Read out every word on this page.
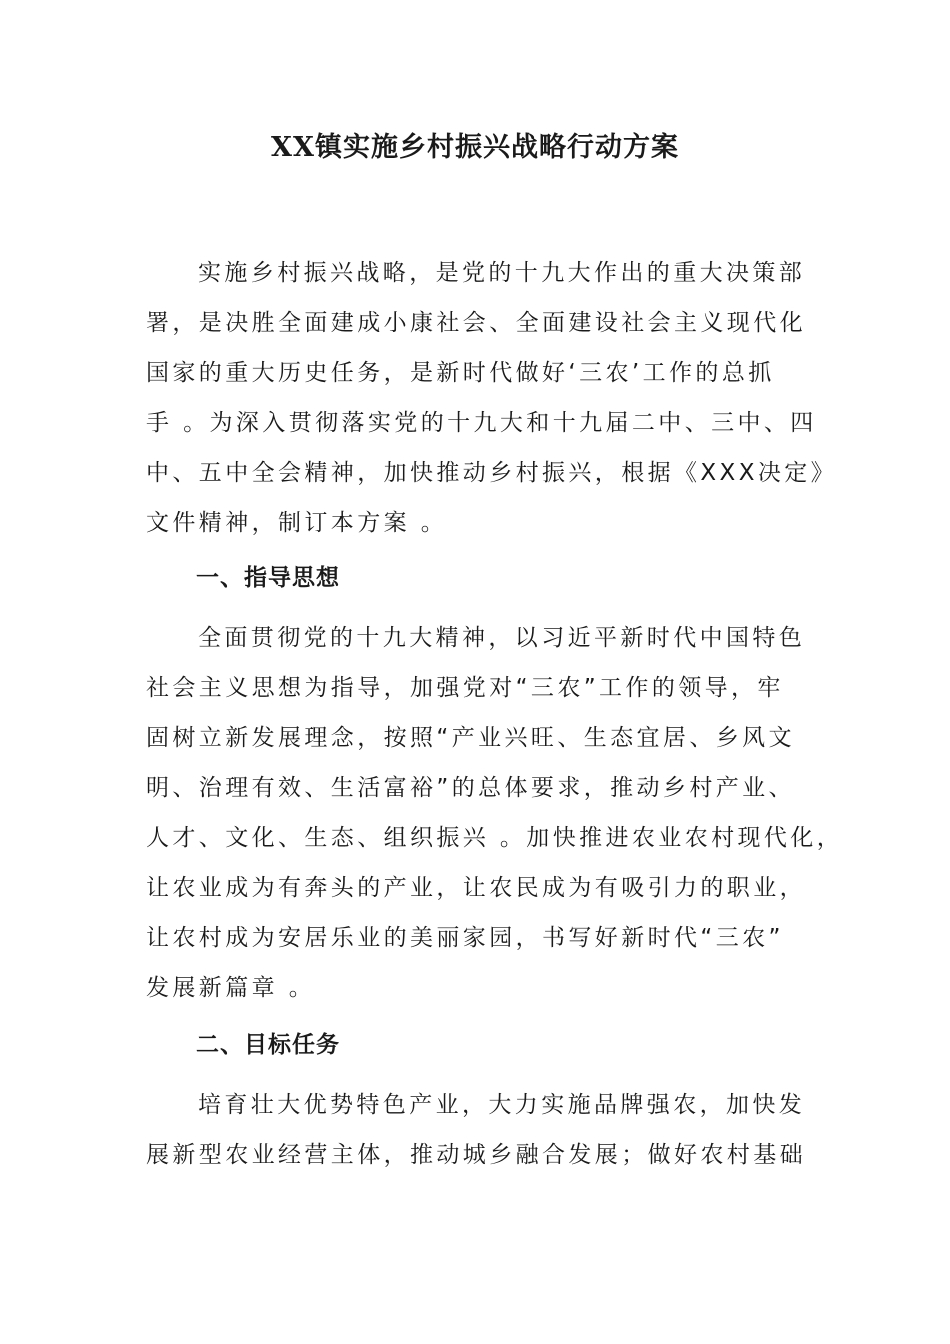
XX镇实施乡村振兴战略行动方案
实施乡村振兴战略，是党的十九大作出的重大决策部
署，是决胜全面建成小康社会、全面建设社会主义现代化
国家的重大历史任务，是新时代做好‘三农’工作的总抓
手 。为深入贯彻落实党的十九大和十九届二中、三中、四
中、五中全会精神，加快推动乡村振兴，根据《XXX决定》
文件精神，制订本方案 。
一、指导思想
全面贯彻党的十九大精神，以习近平新时代中国特色
社会主义思想为指导，加强党对“三农”工作的领导，牢
固树立新发展理念，按照“产业兴旺、生态宜居、乡风文
明、治理有效、生活富裕”的总体要求，推动乡村产业、
人才、文化、生态、组织振兴 。加快推进农业农村现代化，
让农业成为有奔头的产业，让农民成为有吸引力的职业，
让农村成为安居乐业的美丽家园，书写好新时代“三农”
发展新篇章 。
二、目标任务
培育壮大优势特色产业，大力实施品牌强农，加快发
展新型农业经营主体，推动城乡融合发展；做好农村基础
